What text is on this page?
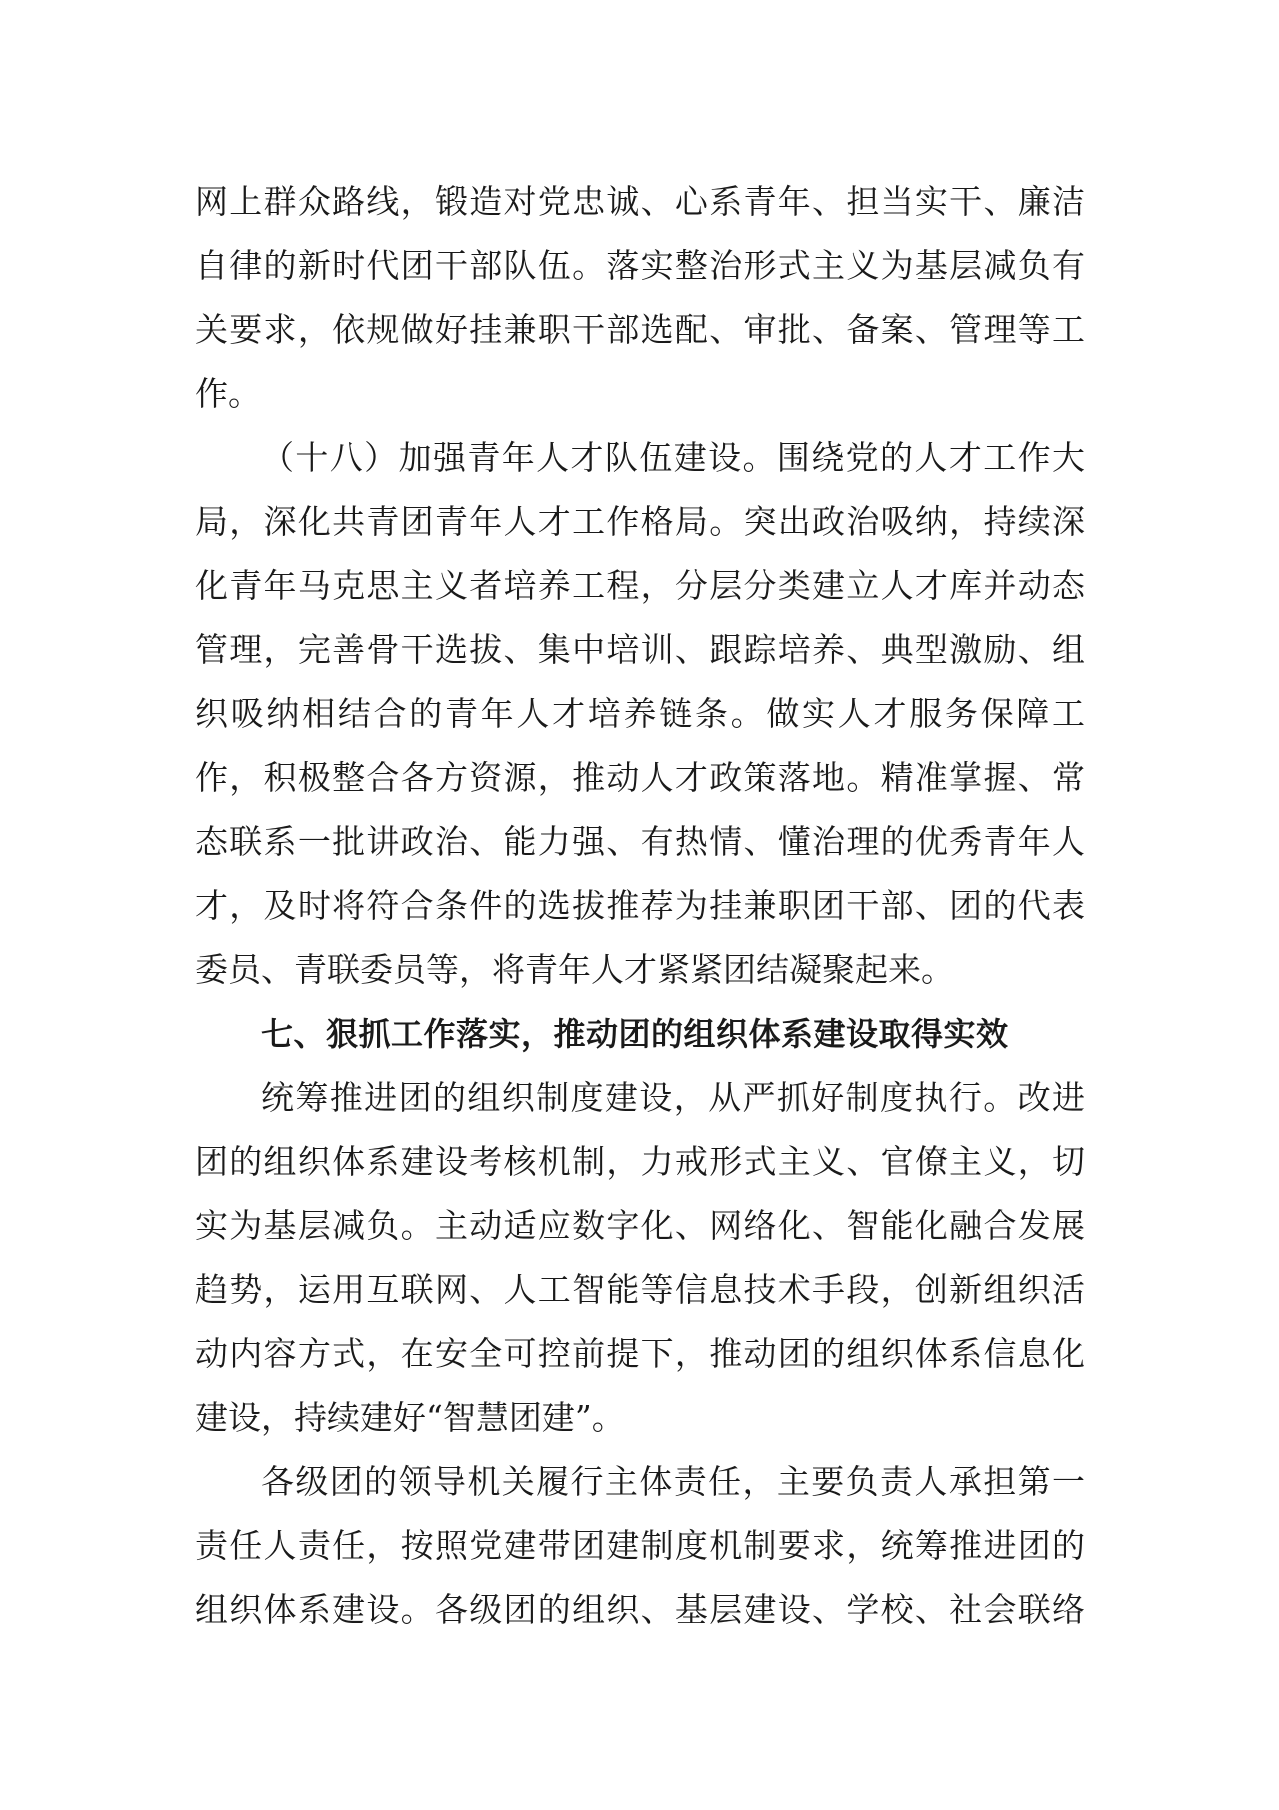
网上群众路线，锻造对党忠诚、心系青年、担当实干、廉洁
自律的新时代团干部队伍。落实整治形式主义为基层减负有
关要求，依规做好挂兼职干部选配、审批、备案、管理等工
作。
（十八）加强青年人才队伍建设。围绕党的人才工作大
局，深化共青团青年人才工作格局。突出政治吸纳，持续深
化青年马克思主义者培养工程，分层分类建立人才库并动态
管理，完善骨干选拔、集中培训、跟踪培养、典型激励、组
织吸纳相结合的青年人才培养链条。做实人才服务保障工
作，积极整合各方资源，推动人才政策落地。精准掌握、常
态联系一批讲政治、能力强、有热情、懂治理的优秀青年人
才，及时将符合条件的选拔推荐为挂兼职团干部、团的代表
委员、青联委员等，将青年人才紧紧团结凝聚起来。
七、狠抓工作落实，推动团的组织体系建设取得实效
统筹推进团的组织制度建设，从严抓好制度执行。改进
团的组织体系建设考核机制，力戒形式主义、官僚主义，切
实为基层减负。主动适应数字化、网络化、智能化融合发展
趋势，运用互联网、人工智能等信息技术手段，创新组织活
动内容方式，在安全可控前提下，推动团的组织体系信息化
建设，持续建好“智慧团建”。
各级团的领导机关履行主体责任，主要负责人承担第一
责任人责任，按照党建带团建制度机制要求，统筹推进团的
组织体系建设。各级团的组织、基层建设、学校、社会联络
